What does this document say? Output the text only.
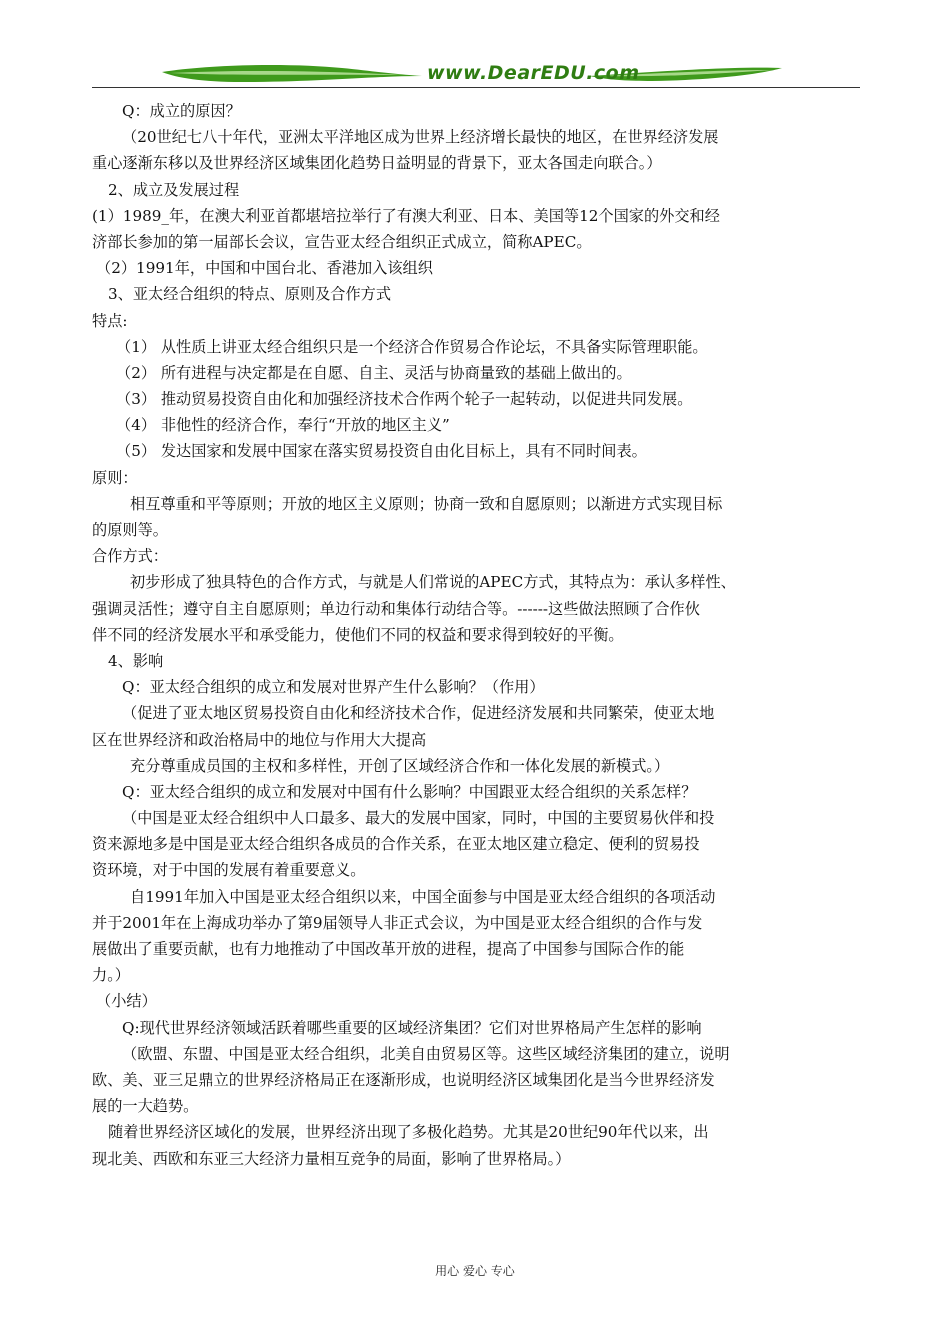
www.DearEDU.com
Q：成立的原因？
（20世纪七八十年代，亚洲太平洋地区成为世界上经济增长最快的地区，在世界经济发展
重心逐渐东移以及世界经济区域集团化趋势日益明显的背景下，亚太各国走向联合。）
2、成立及发展过程
(1）1989_年，在澳大利亚首都堪培拉举行了有澳大利亚、日本、美国等12个国家的外交和经
济部长参加的第一届部长会议，宣告亚太经合组织正式成立，简称APEC。
（2）1991年，中国和中国台北、香港加入该组织
3、亚太经合组织的特点、原则及合作方式
特点:
（1） 从性质上讲亚太经合组织只是一个经济合作贸易合作论坛，不具备实际管理职能。
（2） 所有进程与决定都是在自愿、自主、灵活与协商量致的基础上做出的。
（3） 推动贸易投资自由化和加强经济技术合作两个轮子一起转动，以促进共同发展。
（4） 非他性的经济合作，奉行“开放的地区主义”
（5） 发达国家和发展中国家在落实贸易投资自由化目标上，具有不同时间表。
原则：
相互尊重和平等原则；开放的地区主义原则；协商一致和自愿原则；以渐进方式实现目标
的原则等。
合作方式：
初步形成了独具特色的合作方式，与就是人们常说的APEC方式，其特点为：承认多样性、
强调灵活性；遵守自主自愿原则；单边行动和集体行动结合等。------这些做法照顾了合作伙
伴不同的经济发展水平和承受能力，使他们不同的权益和要求得到较好的平衡。
4、影响
Q：亚太经合组织的成立和发展对世界产生什么影响？（作用）
（促进了亚太地区贸易投资自由化和经济技术合作，促进经济发展和共同繁荣，使亚太地
区在世界经济和政治格局中的地位与作用大大提高
充分尊重成员国的主权和多样性，开创了区域经济合作和一体化发展的新模式。）
Q：亚太经合组织的成立和发展对中国有什么影响？中国跟亚太经合组织的关系怎样？
（中国是亚太经合组织中人口最多、最大的发展中国家，同时，中国的主要贸易伙伴和投
资来源地多是中国是亚太经合组织各成员的合作关系，在亚太地区建立稳定、便利的贸易投
资环境，对于中国的发展有着重要意义。
自1991年加入中国是亚太经合组织以来，中国全面参与中国是亚太经合组织的各项活动
并于2001年在上海成功举办了第9届领导人非正式会议，为中国是亚太经合组织的合作与发
展做出了重要贡献，也有力地推动了中国改革开放的进程，提高了中国参与国际合作的能
力。）
（小结）
Q:现代世界经济领域活跃着哪些重要的区域经济集团？它们对世界格局产生怎样的影响
（欧盟、东盟、中国是亚太经合组织，北美自由贸易区等。这些区域经济集团的建立，说明
欧、美、亚三足鼎立的世界经济格局正在逐渐形成，也说明经济区域集团化是当今世界经济发
展的一大趋势。
随着世界经济区域化的发展，世界经济出现了多极化趋势。尤其是20世纪90年代以来，出
现北美、西欧和东亚三大经济力量相互竞争的局面，影响了世界格局。）
用心 爱心 专心
